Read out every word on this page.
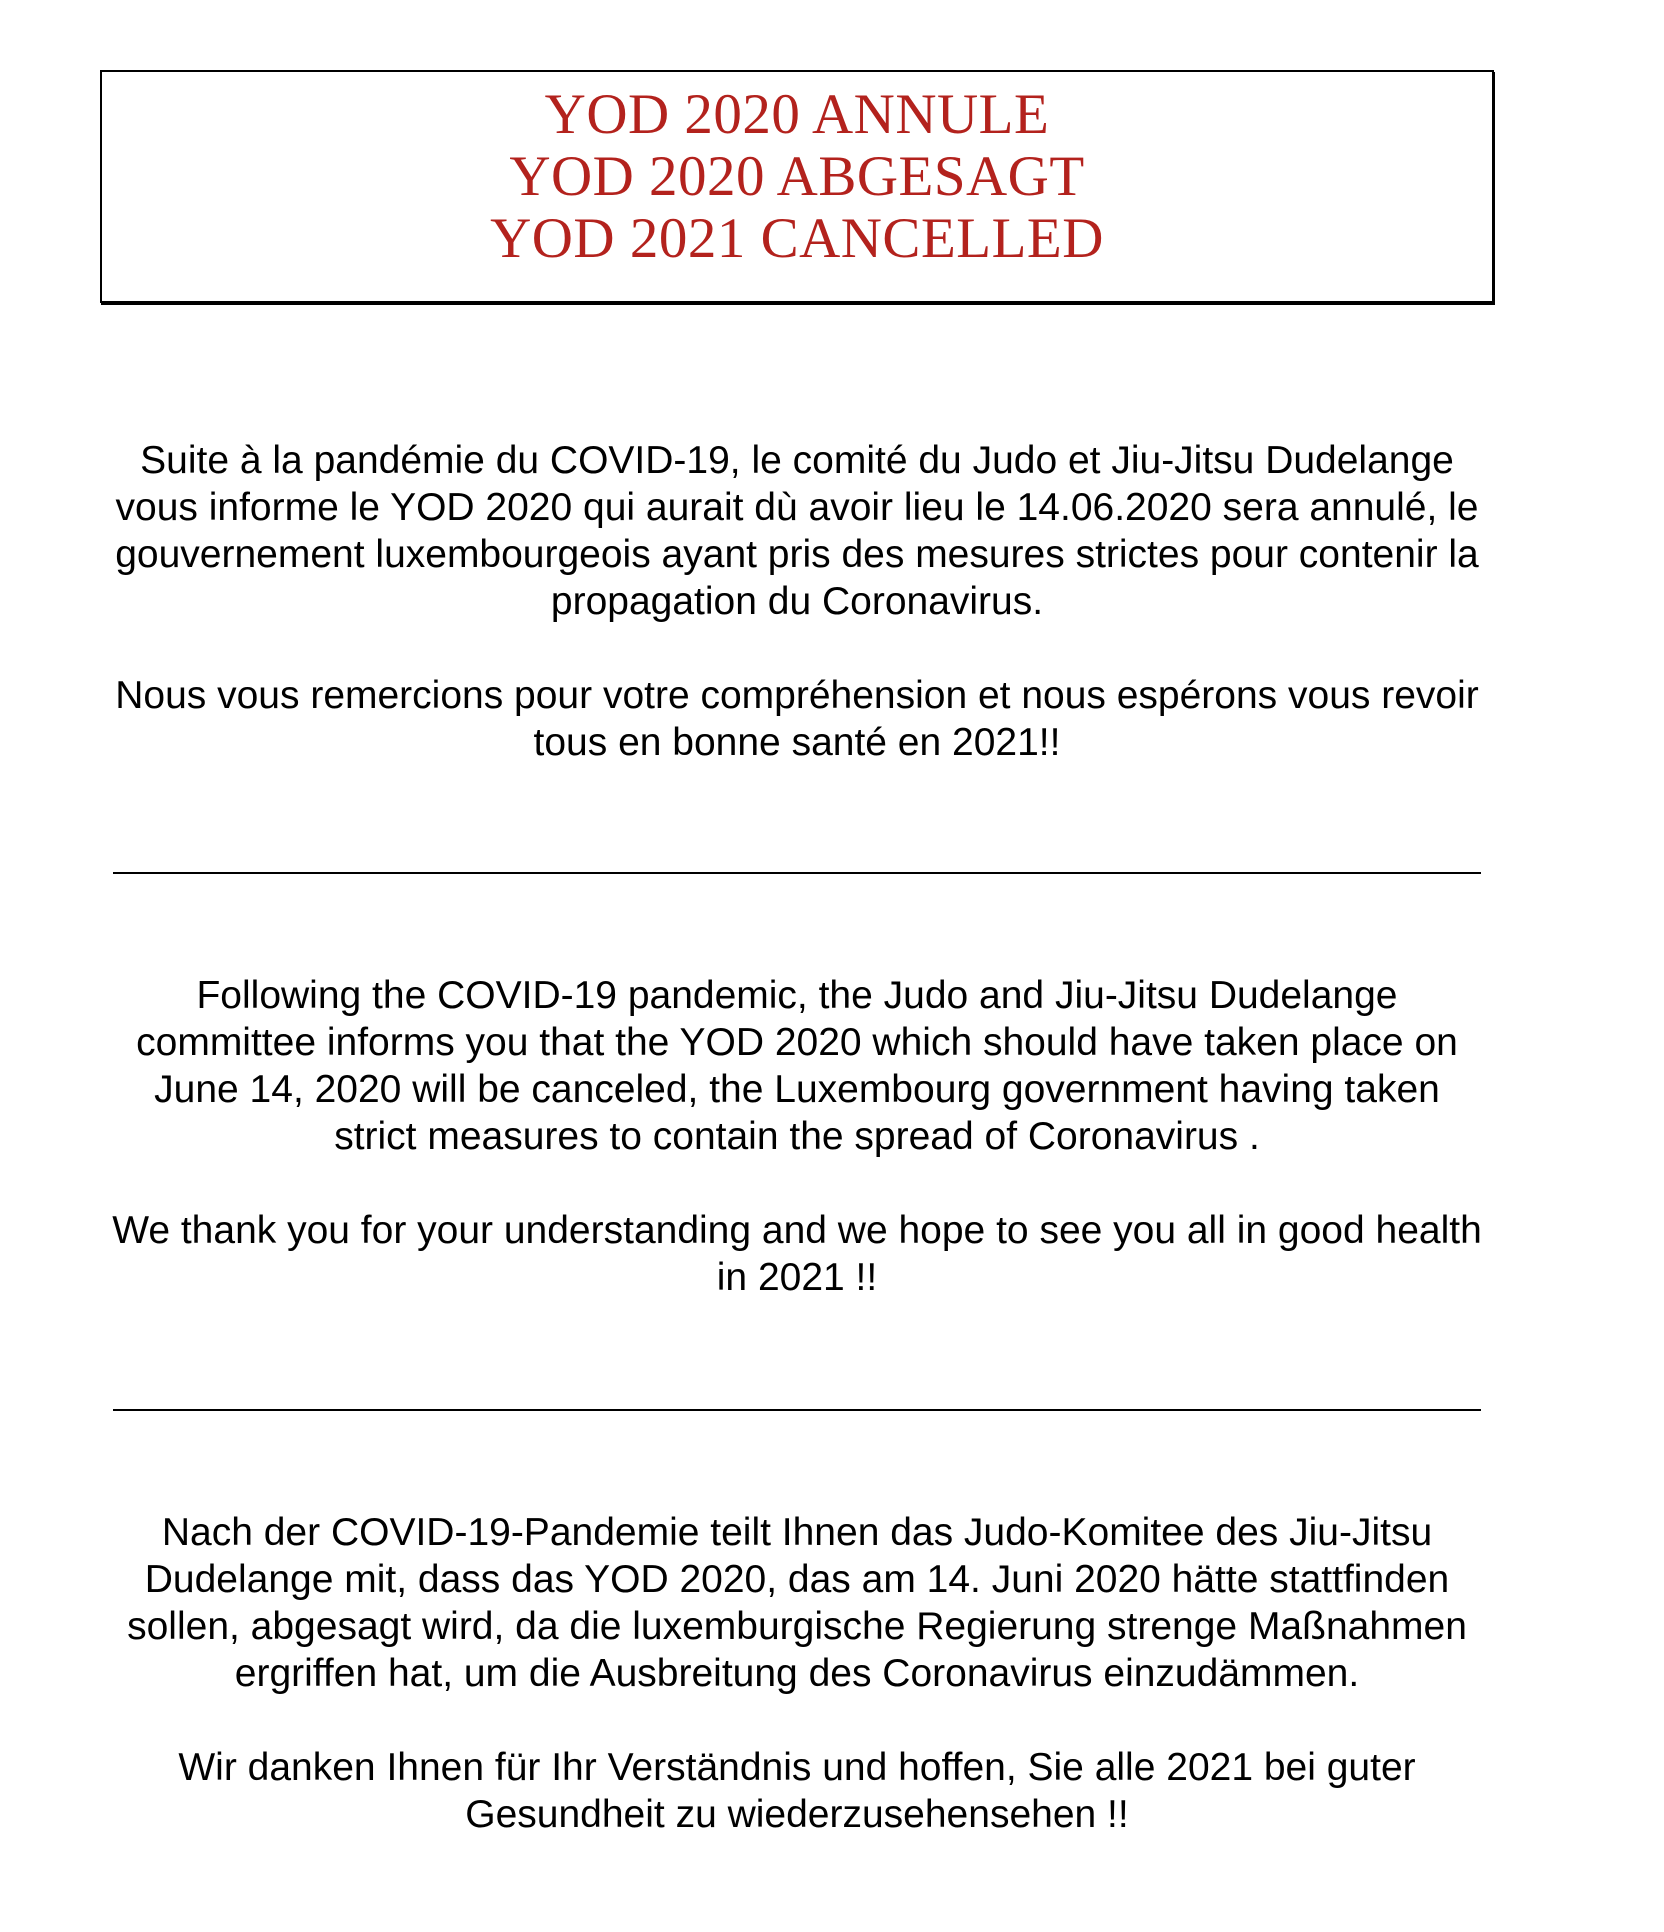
YOD 2020 ANNULE
YOD 2020 ABGESAGT
YOD 2021 CANCELLED

Suite à la pandémie du COVID-19, le comité du Judo et Jiu-Jitsu Dudelange vous informe le YOD 2020 qui aurait dù avoir lieu le 14.06.2020 sera annulé, le gouvernement luxembourgeois ayant pris des mesures strictes pour contenir la propagation du Coronavirus.

Nous vous remercions pour votre compréhension et nous espérons vous revoir tous en bonne santé en 2021!!

Following the COVID-19 pandemic, the Judo and Jiu-Jitsu Dudelange committee informs you that the YOD 2020 which should have taken place on June 14, 2020 will be canceled, the Luxembourg government having taken strict measures to contain the spread of Coronavirus .

We thank you for your understanding and we hope to see you all in good health in 2021 !!

Nach der COVID-19-Pandemie teilt Ihnen das Judo-Komitee des Jiu-Jitsu Dudelange mit, dass das YOD 2020, das am 14. Juni 2020 hätte stattfinden sollen, abgesagt wird, da die luxemburgische Regierung strenge Maßnahmen ergriffen hat, um die Ausbreitung des Coronavirus einzudämmen.

Wir danken Ihnen für Ihr Verständnis und hoffen, Sie alle 2021 bei guter Gesundheit zu wiederzusehensehen !!
